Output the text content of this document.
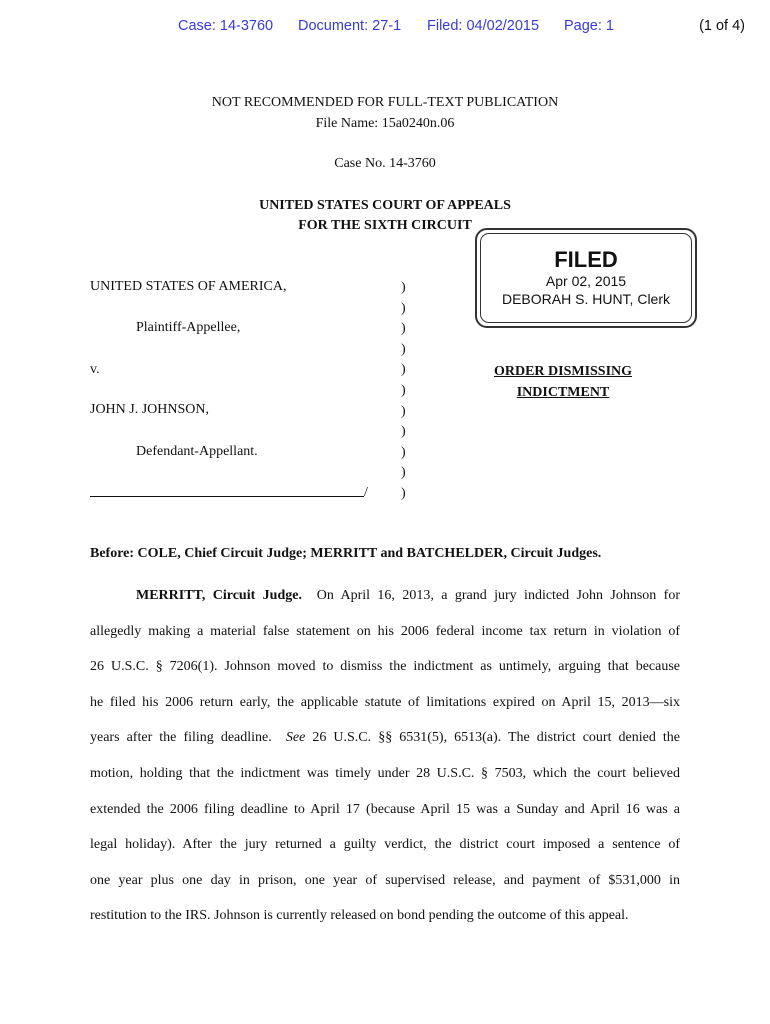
Case: 14-3760 Document: 27-1 Filed: 04/02/2015 Page: 1	(1 of 4)
NOT RECOMMENDED FOR FULL-TEXT PUBLICATION
File Name: 15a0240n.06
Case No. 14-3760
UNITED STATES COURT OF APPEALS
FOR THE SIXTH CIRCUIT
FILED
Apr 02, 2015
DEBORAH S. HUNT, Clerk
UNITED STATES OF AMERICA,
Plaintiff-Appellee,
v.
JOHN J. JOHNSON,
Defendant-Appellant.
/
)
)
)
)
)
)
)
)
)
)
)
ORDER DISMISSING
INDICTMENT
Before: COLE, Chief Circuit Judge; MERRITT and BATCHELDER, Circuit Judges.
MERRITT, Circuit Judge. On April 16, 2013, a grand jury indicted John Johnson for
allegedly making a material false statement on his 2006 federal income tax return in violation of
26 U.S.C. § 7206(1). Johnson moved to dismiss the indictment as untimely, arguing that because
he filed his 2006 return early, the applicable statute of limitations expired on April 15, 2013—six
years after the filing deadline. See 26 U.S.C. §§ 6531(5), 6513(a). The district court denied the
motion, holding that the indictment was timely under 28 U.S.C. § 7503, which the court believed
extended the 2006 filing deadline to April 17 (because April 15 was a Sunday and April 16 was a
legal holiday). After the jury returned a guilty verdict, the district court imposed a sentence of
one year plus one day in prison, one year of supervised release, and payment of $531,000 in
restitution to the IRS. Johnson is currently released on bond pending the outcome of this appeal.
